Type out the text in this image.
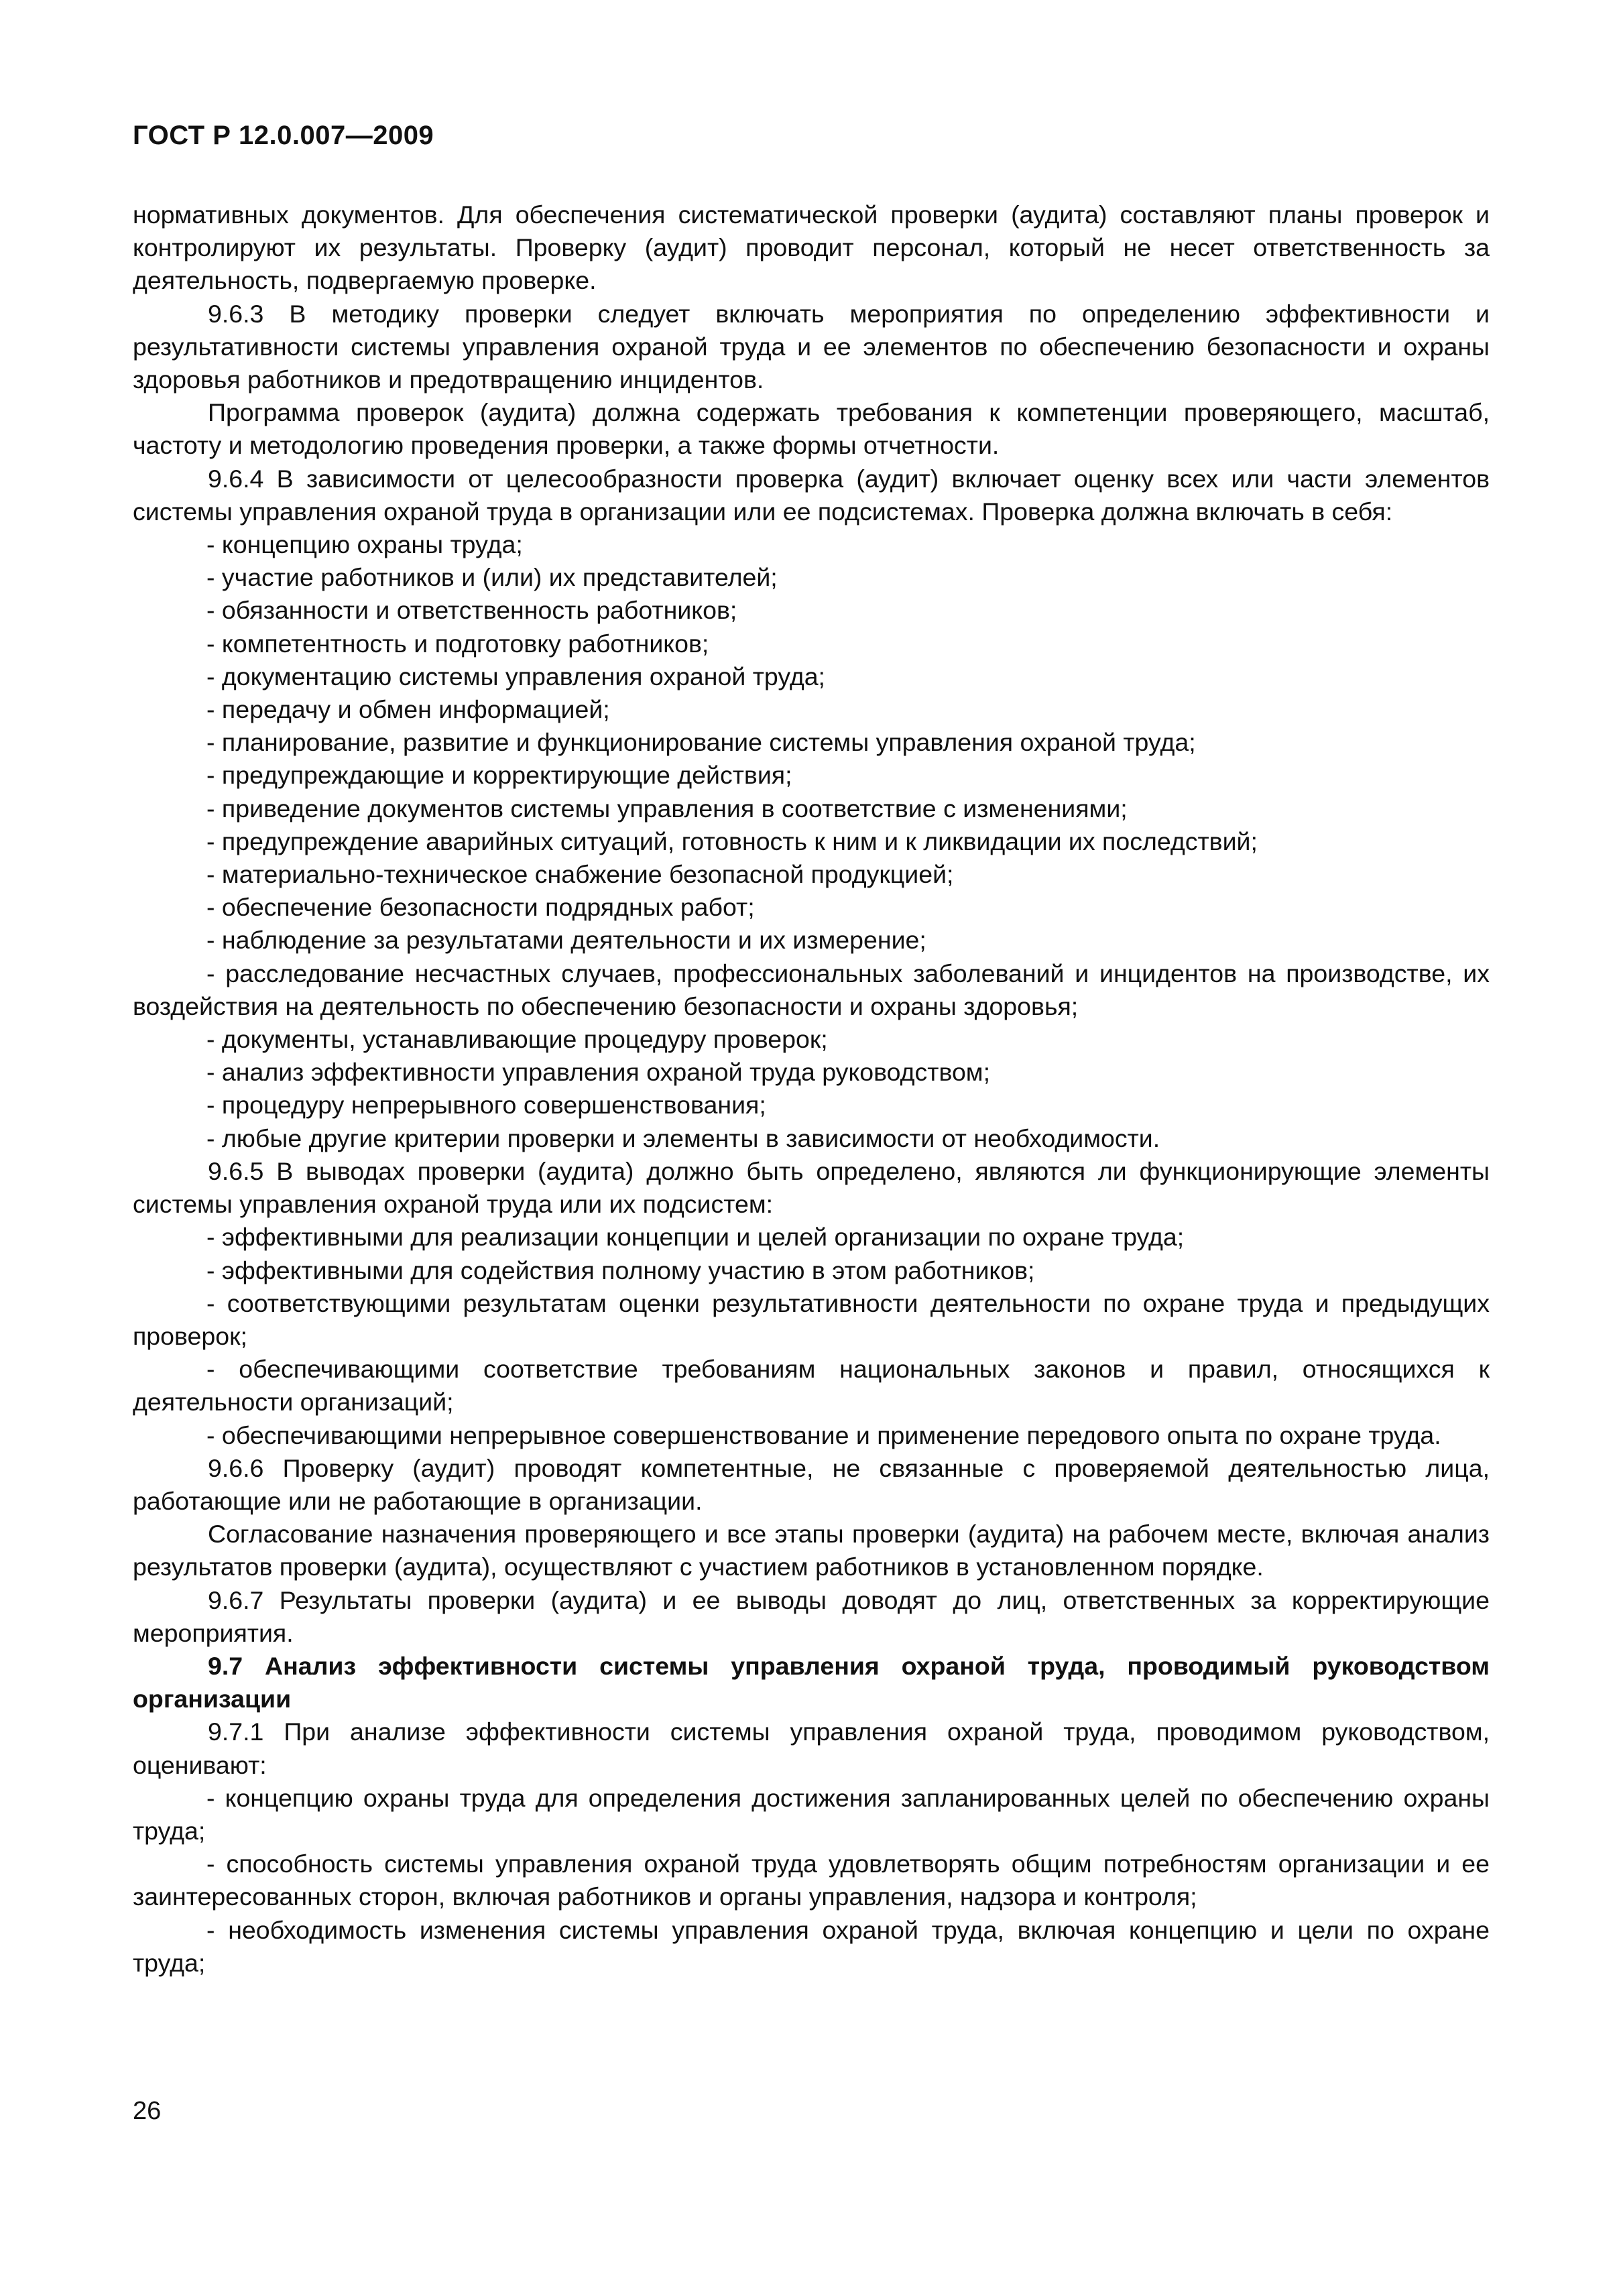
ГОСТ Р 12.0.007—2009

нормативных документов. Для обеспечения систематической проверки (аудита) составляют планы проверок и контролируют их результаты. Проверку (аудит) проводит персонал, который не несет ответственность за деятельность, подвергаемую проверке.

9.6.3 В методику проверки следует включать мероприятия по определению эффективности и результативности системы управления охраной труда и ее элементов по обеспечению безопасности и охраны здоровья работников и предотвращению инцидентов.

Программа проверок (аудита) должна содержать требования к компетенции проверяющего, масштаб, частоту и методологию проведения проверки, а также формы отчетности.

9.6.4 В зависимости от целесообразности проверка (аудит) включает оценку всех или части элементов системы управления охраной труда в организации или ее подсистемах. Проверка должна включать в себя:

- концепцию охраны труда;

- участие работников и (или) их представителей;

- обязанности и ответственность работников;

- компетентность и подготовку работников;

- документацию системы управления охраной труда;

- передачу и обмен информацией;

- планирование, развитие и функционирование системы управления охраной труда;

- предупреждающие и корректирующие действия;

- приведение документов системы управления в соответствие с изменениями;

- предупреждение аварийных ситуаций, готовность к ним и к ликвидации их последствий;

- материально-техническое снабжение безопасной продукцией;

- обеспечение безопасности подрядных работ;

- наблюдение за результатами деятельности и их измерение;

- расследование несчастных случаев, профессиональных заболеваний и инцидентов на производстве, их воздействия на деятельность по обеспечению безопасности и охраны здоровья;

- документы, устанавливающие процедуру проверок;

- анализ эффективности управления охраной труда руководством;

- процедуру непрерывного совершенствования;

- любые другие критерии проверки и элементы в зависимости от необходимости.

9.6.5 В выводах проверки (аудита) должно быть определено, являются ли функционирующие элементы системы управления охраной труда или их подсистем:

- эффективными для реализации концепции и целей организации по охране труда;

- эффективными для содействия полному участию в этом работников;

- соответствующими результатам оценки результативности деятельности по охране труда и предыдущих проверок;

- обеспечивающими соответствие требованиям национальных законов и правил, относящихся к деятельности организаций;

- обеспечивающими непрерывное совершенствование и применение передового опыта по охране труда.

9.6.6 Проверку (аудит) проводят компетентные, не связанные с проверяемой деятельностью лица, работающие или не работающие в организации.

Согласование назначения проверяющего и все этапы проверки (аудита) на рабочем месте, включая анализ результатов проверки (аудита), осуществляют с участием работников в установленном порядке.

9.6.7 Результаты проверки (аудита) и ее выводы доводят до лиц, ответственных за корректирующие мероприятия.

9.7 Анализ эффективности системы управления охраной труда, проводимый руководством организации

9.7.1 При анализе эффективности системы управления охраной труда, проводимом руководством, оценивают:

- концепцию охраны труда для определения достижения запланированных целей по обеспечению охраны труда;

- способность системы управления охраной труда удовлетворять общим потребностям организации и ее заинтересованных сторон, включая работников и органы управления, надзора и контроля;

- необходимость изменения системы управления охраной труда, включая концепцию и цели по охране труда;

26
